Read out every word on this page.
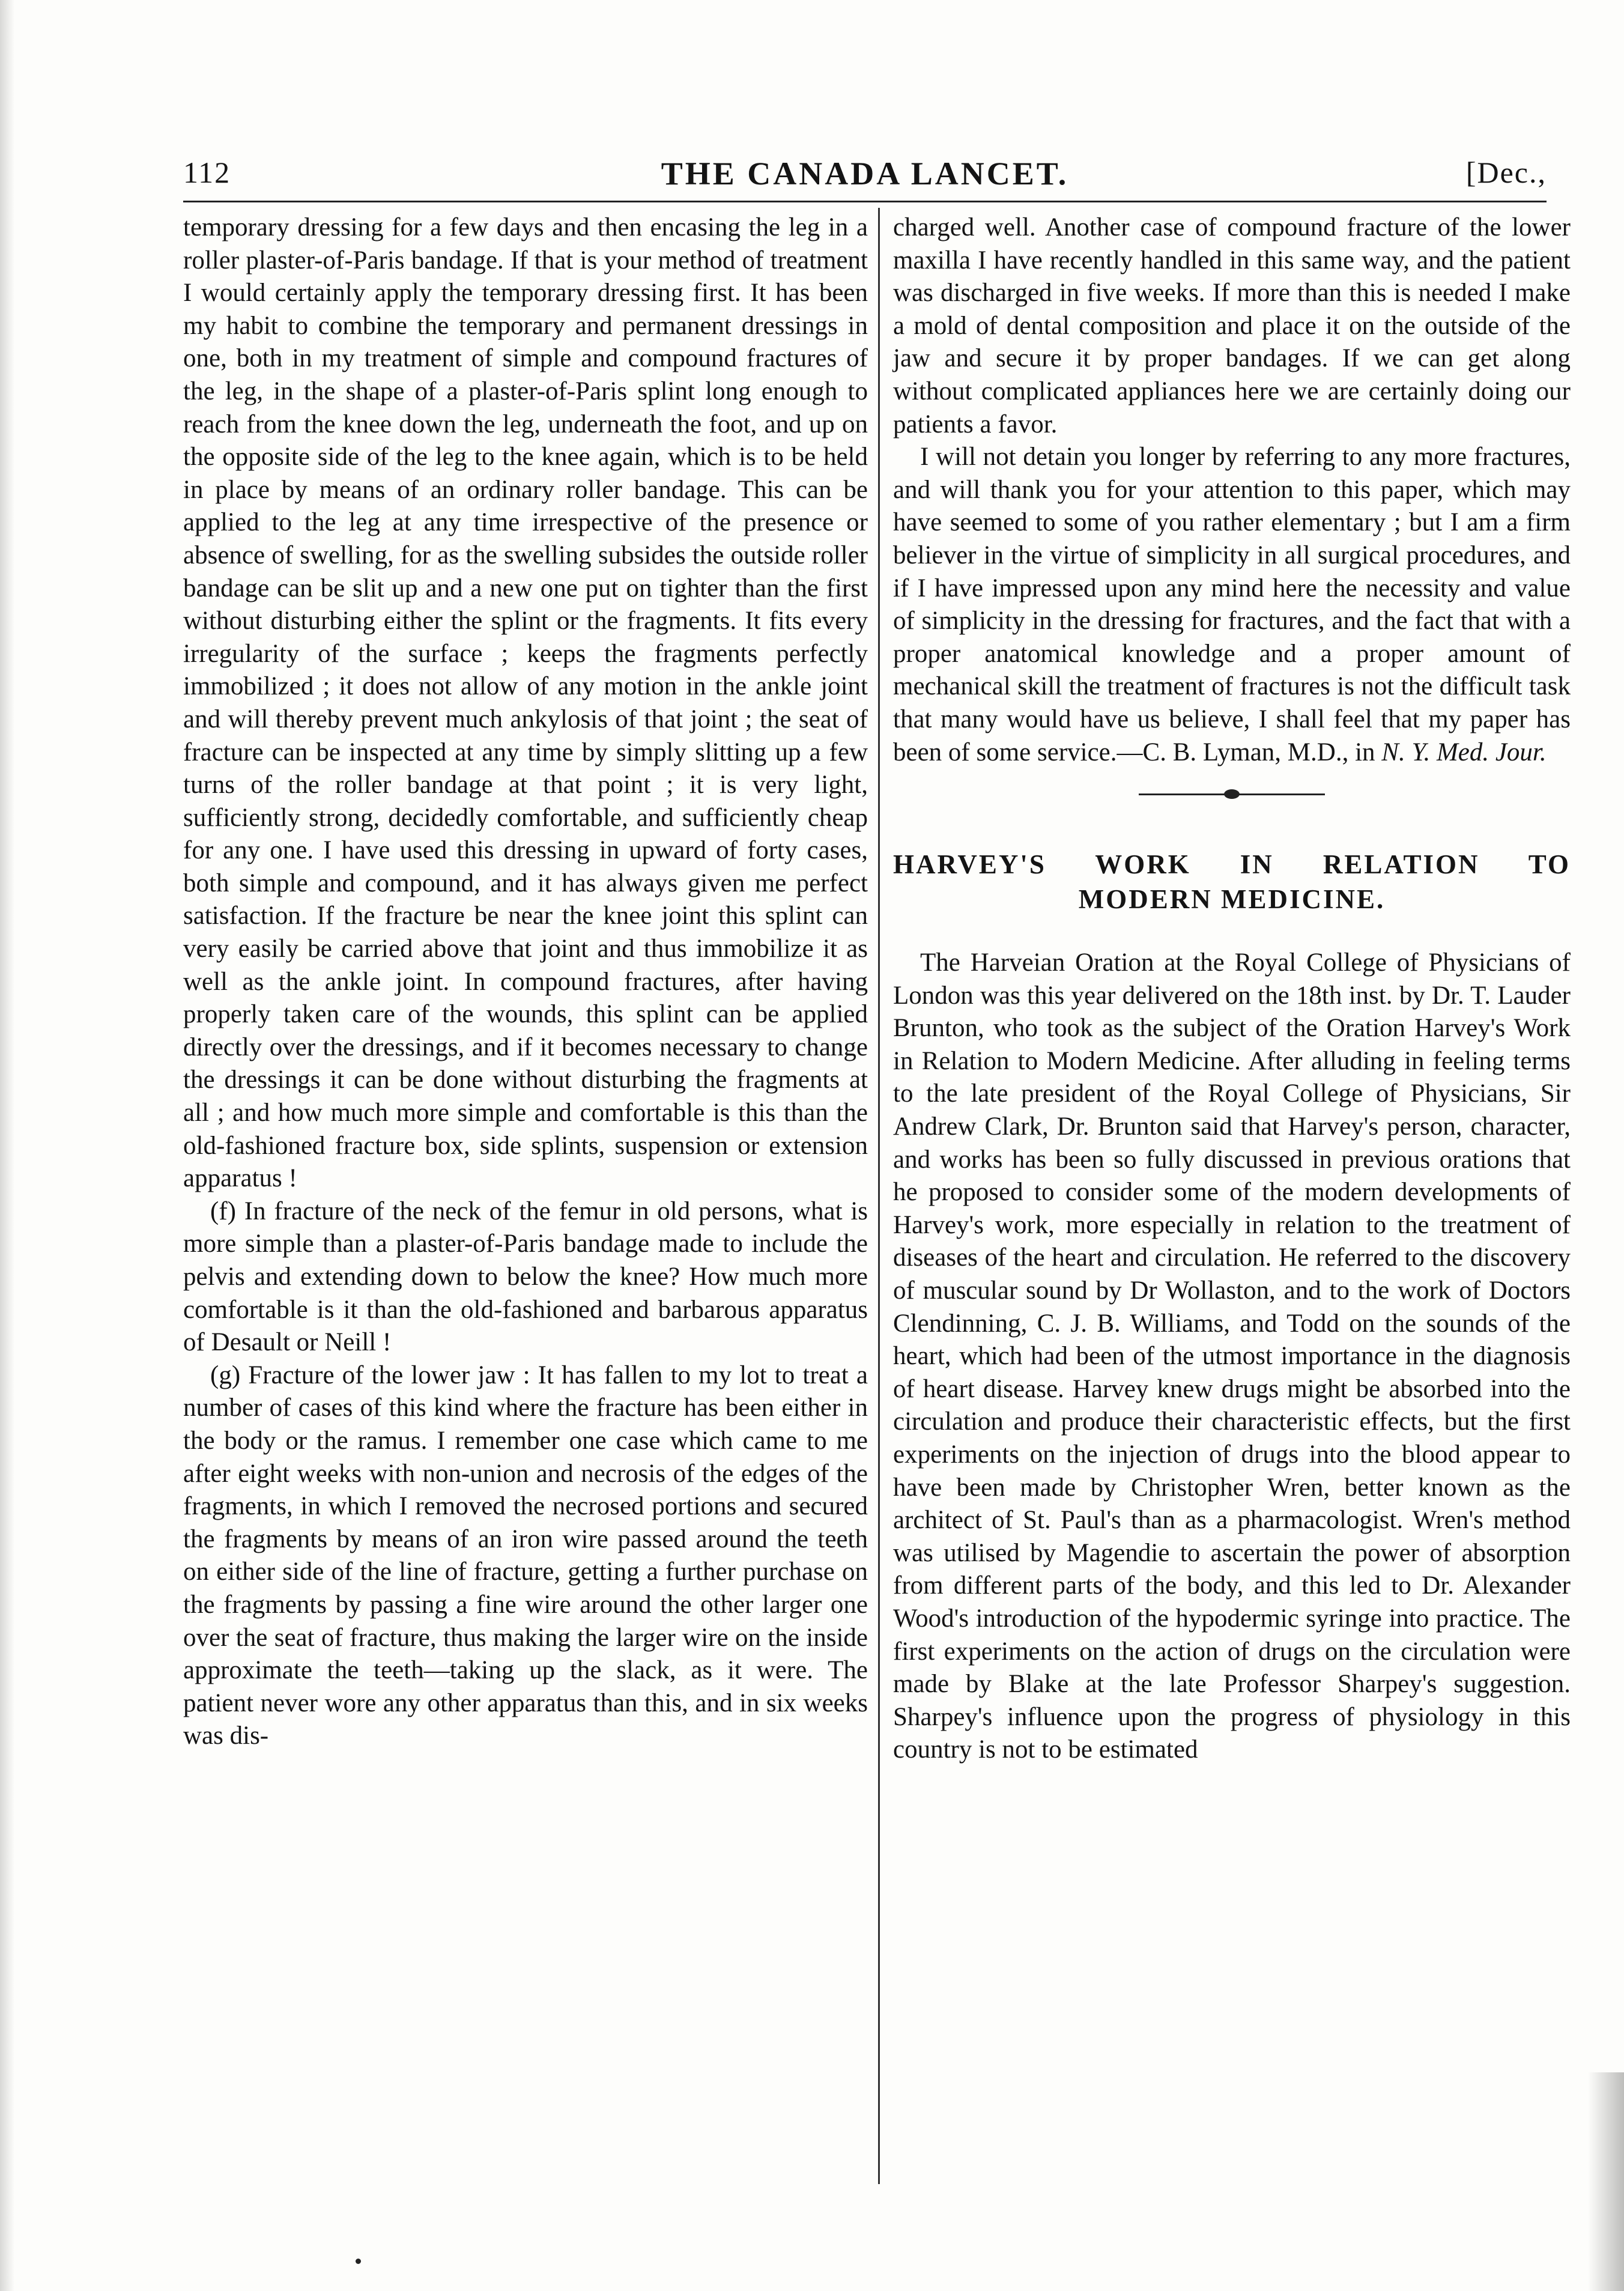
112	THE CANADA LANCET.	[Dec.,

temporary dressing for a few days and then encasing the leg in a roller plaster-of-Paris bandage. If that is your method of treatment I would certainly apply the temporary dressing first. It has been my habit to combine the temporary and permanent dressings in one, both in my treatment of simple and compound fractures of the leg, in the shape of a plaster-of-Paris splint long enough to reach from the knee down the leg, underneath the foot, and up on the opposite side of the leg to the knee again, which is to be held in place by means of an ordinary roller bandage. This can be applied to the leg at any time irrespective of the presence or absence of swelling, for as the swelling subsides the outside roller bandage can be slit up and a new one put on tighter than the first without disturbing either the splint or the fragments. It fits every irregularity of the surface ; keeps the fragments perfectly immobilized ; it does not allow of any motion in the ankle joint and will thereby prevent much ankylosis of that joint ; the seat of fracture can be inspected at any time by simply slitting up a few turns of the roller bandage at that point ; it is very light, sufficiently strong, decidedly comfortable, and sufficiently cheap for any one. I have used this dressing in upward of forty cases, both simple and compound, and it has always given me perfect satisfaction. If the fracture be near the knee joint this splint can very easily be carried above that joint and thus immobilize it as well as the ankle joint. In compound fractures, after having properly taken care of the wounds, this splint can be applied directly over the dressings, and if it becomes necessary to change the dressings it can be done without disturbing the fragments at all ; and how much more simple and comfortable is this than the old-fashioned fracture box, side splints, suspension or extension apparatus !

(f) In fracture of the neck of the femur in old persons, what is more simple than a plaster-of-Paris bandage made to include the pelvis and extending down to below the knee? How much more comfortable is it than the old-fashioned and barbarous apparatus of Desault or Neill !

(g) Fracture of the lower jaw : It has fallen to my lot to treat a number of cases of this kind where the fracture has been either in the body or the ramus. I remember one case which came to me after eight weeks with non-union and necrosis of the edges of the fragments, in which I removed the necrosed portions and secured the fragments by means of an iron wire passed around the teeth on either side of the line of fracture, getting a further purchase on the fragments by passing a fine wire around the other larger one over the seat of fracture, thus making the larger wire on the inside approximate the teeth—taking up the slack, as it were. The patient never wore any other apparatus than this, and in six weeks was dis-

charged well. Another case of compound fracture of the lower maxilla I have recently handled in this same way, and the patient was discharged in five weeks. If more than this is needed I make a mold of dental composition and place it on the outside of the jaw and secure it by proper bandages. If we can get along without complicated appliances here we are certainly doing our patients a favor.

I will not detain you longer by referring to any more fractures, and will thank you for your attention to this paper, which may have seemed to some of you rather elementary ; but I am a firm believer in the virtue of simplicity in all surgical procedures, and if I have impressed upon any mind here the necessity and value of simplicity in the dressing for fractures, and the fact that with a proper anatomical knowledge and a proper amount of mechanical skill the treatment of fractures is not the difficult task that many would have us believe, I shall feel that my paper has been of some service.—C. B. Lyman, M.D., in N. Y. Med. Jour.

HARVEY'S WORK IN RELATION TO
MODERN MEDICINE.

The Harveian Oration at the Royal College of Physicians of London was this year delivered on the 18th inst. by Dr. T. Lauder Brunton, who took as the subject of the Oration Harvey's Work in Relation to Modern Medicine. After alluding in feeling terms to the late president of the Royal College of Physicians, Sir Andrew Clark, Dr. Brunton said that Harvey's person, character, and works has been so fully discussed in previous orations that he proposed to consider some of the modern developments of Harvey's work, more especially in relation to the treatment of diseases of the heart and circulation. He referred to the discovery of muscular sound by Dr Wollaston, and to the work of Doctors Clendinning, C. J. B. Williams, and Todd on the sounds of the heart, which had been of the utmost importance in the diagnosis of heart disease. Harvey knew drugs might be absorbed into the circulation and produce their characteristic effects, but the first experiments on the injection of drugs into the blood appear to have been made by Christopher Wren, better known as the architect of St. Paul's than as a pharmacologist. Wren's method was utilised by Magendie to ascertain the power of absorption from different parts of the body, and this led to Dr. Alexander Wood's introduction of the hypodermic syringe into practice. The first experiments on the action of drugs on the circulation were made by Blake at the late Professor Sharpey's suggestion. Sharpey's influence upon the progress of physiology in this country is not to be estimated
